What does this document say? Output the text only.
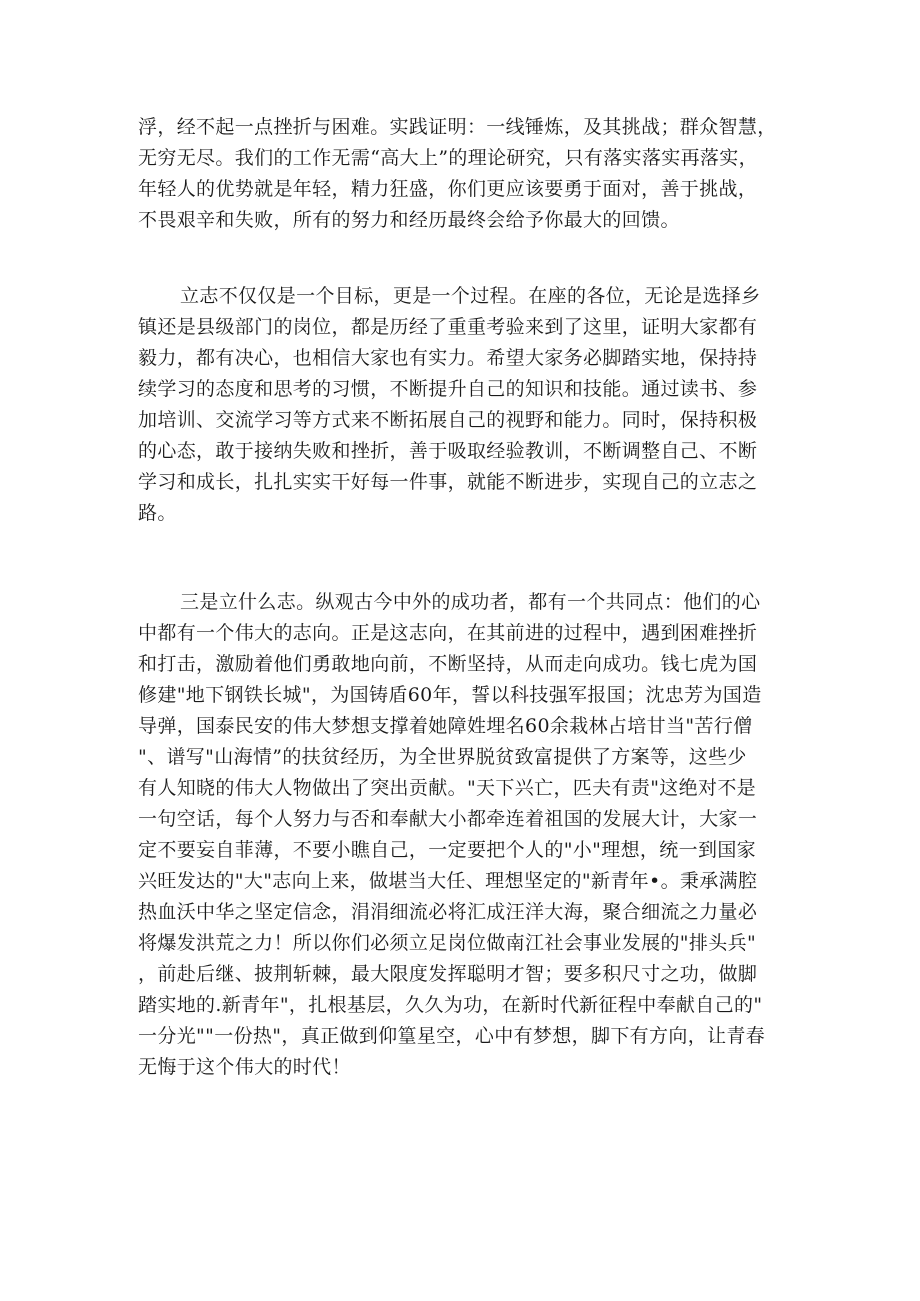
浮，经不起一点挫折与困难。实践证明：一线锤炼，及其挑战；群众智慧，
无穷无尽。我们的工作无需“高大上”的理论研究，只有落实落实再落实，
年轻人的优势就是年轻，精力狂盛，你们更应该要勇于面对，善于挑战，
不畏艰辛和失败，所有的努力和经历最终会给予你最大的回馈。
立志不仅仅是一个目标，更是一个过程。在座的各位，无论是选择乡
镇还是县级部门的岗位，都是历经了重重考验来到了这里，证明大家都有
毅力，都有决心，也相信大家也有实力。希望大家务必脚踏实地，保持持
续学习的态度和思考的习惯，不断提升自己的知识和技能。通过读书、参
加培训、交流学习等方式来不断拓展自己的视野和能力。同时，保持积极
的心态，敢于接纳失败和挫折，善于吸取经验教训，不断调整自己、不断
学习和成长，扎扎实实干好每一件事，就能不断进步，实现自己的立志之
路。
三是立什么志。纵观古今中外的成功者，都有一个共同点：他们的心
中都有一个伟大的志向。正是这志向，在其前进的过程中，遇到困难挫折
和打击，激励着他们勇敢地向前，不断坚持，从而走向成功。钱七虎为国
修建"地下钢铁长城"，为国铸盾60年，誓以科技强军报国；沈忠芳为国造
导弹，国泰民安的伟大梦想支撑着她障姓埋名60余栽林占培甘当"苦行僧
"、谱写"山海情”的扶贫经历，为全世界脱贫致富提供了方案等，这些少
有人知晓的伟大人物做出了突出贡献。"天下兴亡，匹夫有责"这绝对不是
一句空话，每个人努力与否和奉献大小都牵连着祖国的发展大计，大家一
定不要妄自菲薄，不要小瞧自己，一定要把个人的"小"理想，统一到国家
兴旺发达的"大"志向上来，做堪当大任、理想坚定的"新青年•。秉承满腔
热血沃中华之坚定信念，涓涓细流必将汇成汪洋大海，聚合细流之力量必
将爆发洪荒之力！所以你们必须立足岗位做南江社会事业发展的"排头兵"
，前赴后继、披荆斩棘，最大限度发挥聪明才智；要多积尺寸之功，做脚
踏实地的.新青年"，扎根基层，久久为功，在新时代新征程中奉献自己的"
一分光""一份热"，真正做到仰篁星空，心中有梦想，脚下有方向，让青春
无悔于这个伟大的时代！
